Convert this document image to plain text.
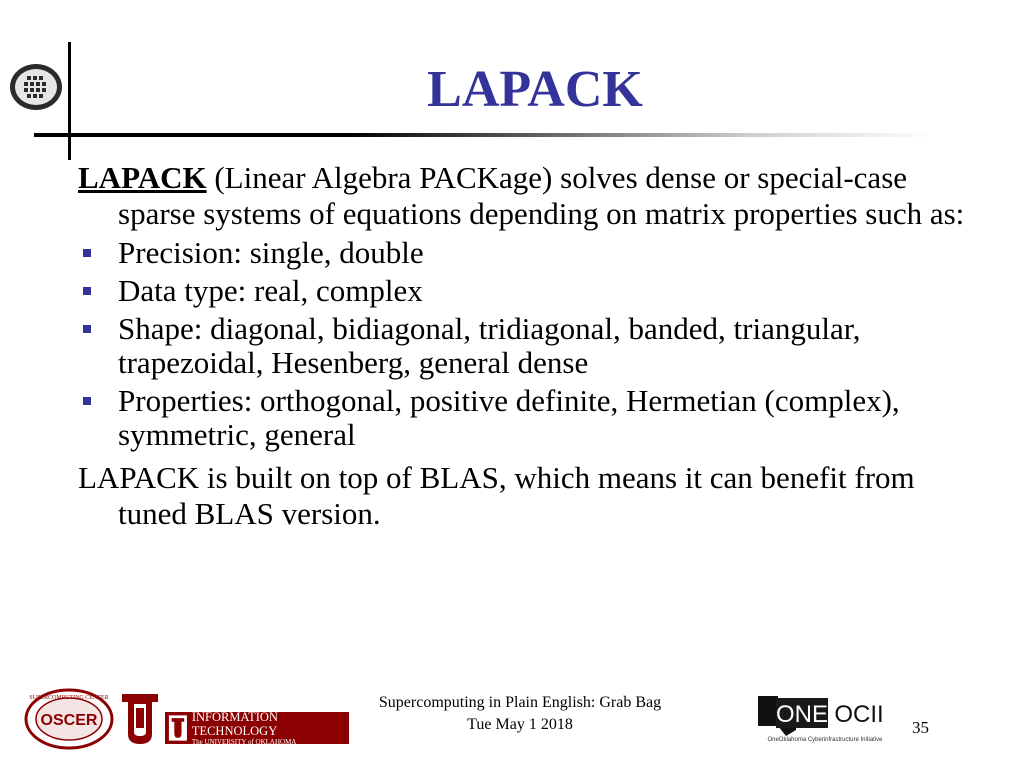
LAPACK

LAPACK (Linear Algebra PACKage) solves dense or special-case sparse systems of equations depending on matrix properties such as:

Precision: single, double
Data type: real, complex
Shape: diagonal, bidiagonal, tridiagonal, banded, triangular, trapezoidal, Hesenberg, general dense
Properties: orthogonal, positive definite, Hermetian (complex), symmetric, general

LAPACK is built on top of BLAS, which means it can benefit from tuned BLAS version.

SUPERCOMPUTING CENTER
OSCER	INFORMATION TECHNOLOGY
The UNIVERSITY of OKLAHOMA
Supercomputing in Plain English: Grab Bag
Tue May 1 2018	ONE OCII
OneOklahoma Cyberinfrastructure Initiative
35
